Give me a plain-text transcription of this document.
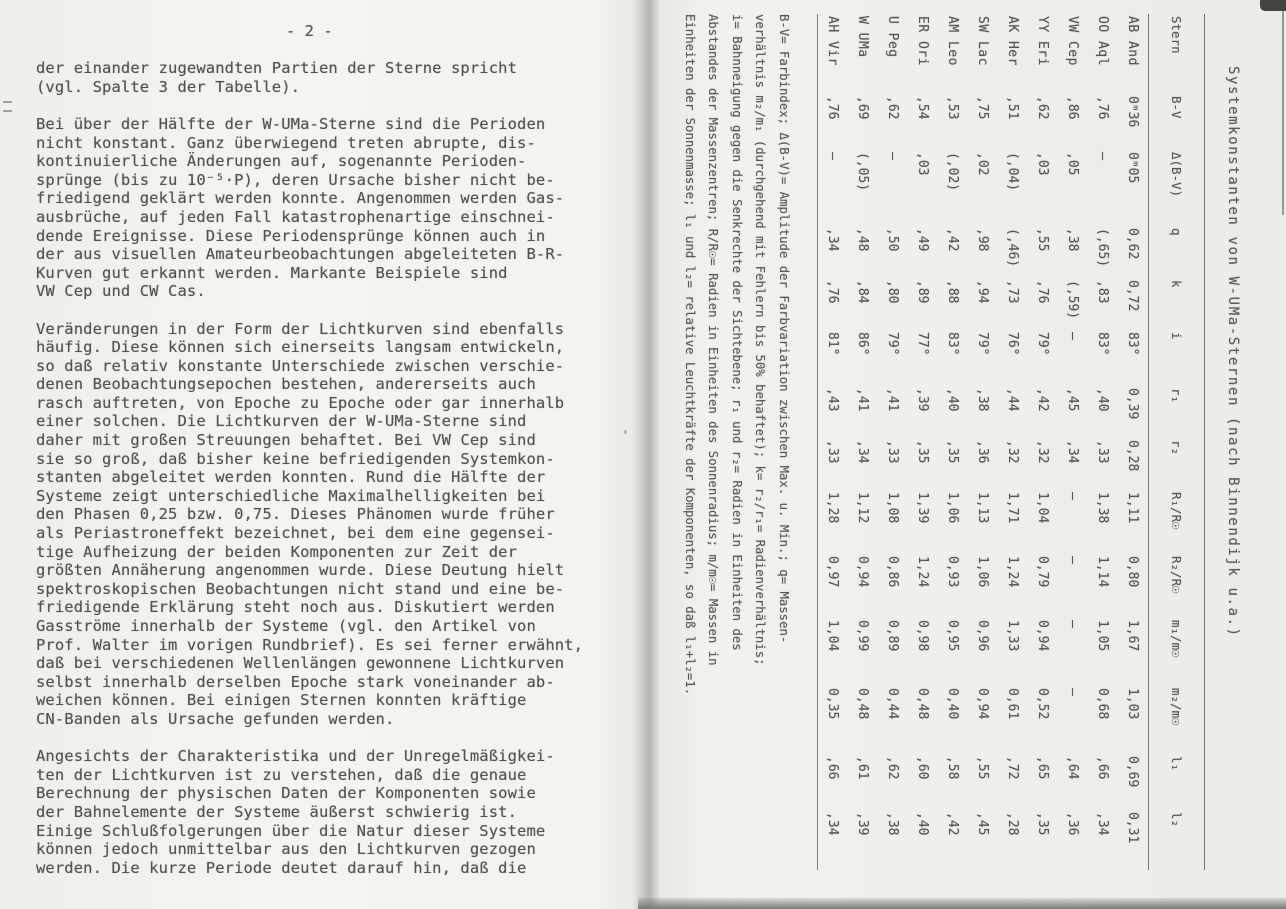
- 2 -
der einander zugewandten Partien der Sterne spricht
(vgl. Spalte 3 der Tabelle).
Bei über der Hälfte der W-UMa-Sterne sind die Perioden
nicht konstant. Ganz überwiegend treten abrupte, dis-
kontinuierliche Änderungen auf, sogenannte Perioden-
sprünge (bis zu 10⁻⁵·P), deren Ursache bisher nicht be-
friedigend geklärt werden konnte. Angenommen werden Gas-
ausbrüche, auf jeden Fall katastrophenartige einschnei-
dende Ereignisse. Diese Periodensprünge können auch in
der aus visuellen Amateurbeobachtungen abgeleiteten B-R-
Kurven gut erkannt werden. Markante Beispiele sind
VW Cep und CW Cas.
Veränderungen in der Form der Lichtkurven sind ebenfalls
häufig. Diese können sich einerseits langsam entwickeln,
so daß relativ konstante Unterschiede zwischen verschie-
denen Beobachtungsepochen bestehen, andererseits auch
rasch auftreten, von Epoche zu Epoche oder gar innerhalb
einer solchen. Die Lichtkurven der W-UMa-Sterne sind
daher mit großen Streuungen behaftet. Bei VW Cep sind
sie so groß, daß bisher keine befriedigenden Systemkon-
stanten abgeleitet werden konnten. Rund die Hälfte der
Systeme zeigt unterschiedliche Maximalhelligkeiten bei
den Phasen 0,25 bzw. 0,75. Dieses Phänomen wurde früher
als Periastroneffekt bezeichnet, bei dem eine gegensei-
tige Aufheizung der beiden Komponenten zur Zeit der
größten Annäherung angenommen wurde. Diese Deutung hielt
spektroskopischen Beobachtungen nicht stand und eine be-
friedigende Erklärung steht noch aus. Diskutiert werden
Gasströme innerhalb der Systeme (vgl. den Artikel von
Prof. Walter im vorigen Rundbrief). Es sei ferner erwähnt,
daß bei verschiedenen Wellenlängen gewonnene Lichtkurven
selbst innerhalb derselben Epoche stark voneinander ab-
weichen können. Bei einigen Sternen konnten kräftige
CN-Banden als Ursache gefunden werden.
Angesichts der Charakteristika und der Unregelmäßigkei-
ten der Lichtkurven ist zu verstehen, daß die genaue
Berechnung der physischen Daten der Komponenten sowie
der Bahnelemente der Systeme äußerst schwierig ist.
Einige Schlußfolgerungen über die Natur dieser Systeme
können jedoch unmittelbar aus den Lichtkurven gezogen
werden. Die kurze Periode deutet darauf hin, daß die
Systemkonstanten von W-UMa-Sternen (nach Binnendijk u.a.)
Stern
B-V
Δ(B-V)
q
k
i
r₁
r₂
R₁/R☉
R₂/R☉
m₁/m☉
m₂/m☉
l₁
l₂
AB And
0ᵐ36
0ᵐ05
0,62
0,72
83°
0,39
0,28
1,11
0,80
1,67
1,03
0,69
0,31
OO Aql
,76
–
(,65)
,83
83°
,40
,33
1,38
1,14
1,05
0,68
,66
,34
VW Cep
,86
,05
,38
(,59)
–
,45
,34
–
–
–
–
,64
,36
YY Eri
,62
,03
,55
,76
79°
,42
,32
1,04
0,79
0,94
0,52
,65
,35
AK Her
,51
(,04)
(,46)
,73
76°
,44
,32
1,71
1,24
1,33
0,61
,72
,28
SW Lac
,75
,02
,98
,94
79°
,38
,36
1,13
1,06
0,96
0,94
,55
,45
AM Leo
,53
(,02)
,42
,88
83°
,40
,35
1,06
0,93
0,95
0,40
,58
,42
ER Ori
,54
,03
,49
,89
77°
,39
,35
1,39
1,24
0,98
0,48
,60
,40
U Peg
,62
–
,50
,80
79°
,41
,33
1,08
0,86
0,89
0,44
,62
,38
W UMa
,69
(,05)
,48
,84
86°
,41
,34
1,12
0,94
0,99
0,48
,61
,39
AH Vir
,76
–
,34
,76
81°
,43
,33
1,28
0,97
1,04
0,35
,66
,34
B-V= Farbindex; Δ(B-V)= Amplitude der Farbvariation zwischen Max. u. Min.; q= Massen-
verhältnis m₂/m₁ (durchgehend mit Fehlern bis 50% behaftet); k= r₂/r₁= Radienverhältnis;
i= Bahnneigung gegen die Senkrechte der Sichtebene; r₁ und r₂= Radien in Einheiten des
Abstandes der Massenzentren; R/R☉= Radien in Einheiten des Sonnenradius; m/m☉= Massen in
Einheiten der Sonnenmasse; l₁ und l₂= relative Leuchtkräfte der Komponenten, so daß l₁+l₂=1.
